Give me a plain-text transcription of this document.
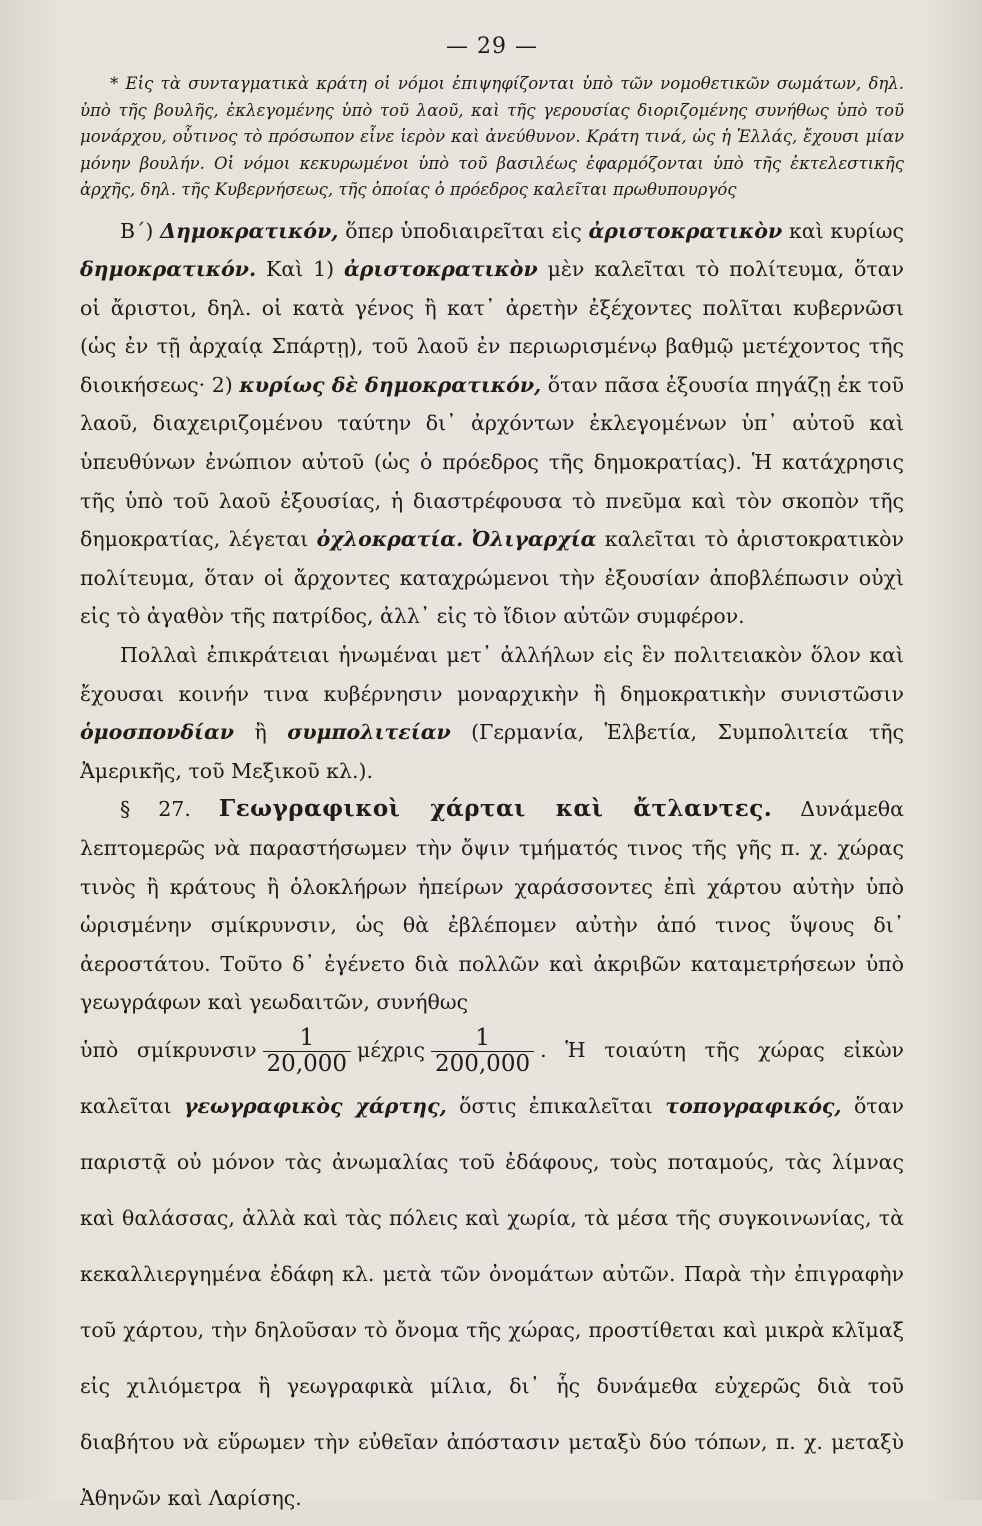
— 29 —

* Εἰς τὰ συνταγματικὰ κράτη οἱ νόμοι ἐπιψηφίζονται ὑπὸ τῶν νομοθετικῶν σωμάτων, δηλ. ὑπὸ τῆς βουλῆς, ἐκλεγομένης ὑπὸ τοῦ λαοῦ, καὶ τῆς γερουσίας διοριζομένης συνήθως ὑπὸ τοῦ μονάρχου, οὗτινος τὸ πρόσωπον εἶνε ἱερὸν καὶ ἀνεύθυνον. Κράτη τινά, ὡς ἡ Ἑλλάς, ἔχουσι μίαν μόνην βουλήν. Οἱ νόμοι κεκυρωμένοι ὑπὸ τοῦ βασιλέως ἐφαρμόζονται ὑπὸ τῆς ἐκτελεστικῆς ἀρχῆς, δηλ. τῆς Κυβερνήσεως, τῆς ὁποίας ὁ πρόεδρος καλεῖται πρωθυπουργός

Β΄) Δημοκρατικόν, ὅπερ ὑποδιαιρεῖται εἰς ἀριστοκρατικὸν καὶ κυρίως δημοκρατικόν. Καὶ 1) ἀριστοκρατικὸν μὲν καλεῖται τὸ πολίτευμα, ὅταν οἱ ἄριστοι, δηλ. οἱ κατὰ γένος ἢ κατ᾿ ἀρετὴν ἐξέχοντες πολῖται κυβερνῶσι (ὡς ἐν τῇ ἀρχαίᾳ Σπάρτῃ), τοῦ λαοῦ ἐν περιωρισμένῳ βαθμῷ μετέχοντος τῆς διοικήσεως· 2) κυρίως δὲ δημοκρατικόν, ὅταν πᾶσα ἐξουσία πηγάζῃ ἐκ τοῦ λαοῦ, διαχειριζομένου ταύτην δι᾿ ἀρχόντων ἐκλεγομένων ὑπ᾿ αὐτοῦ καὶ ὑπευθύνων ἐνώπιον αὐτοῦ (ὡς ὁ πρόεδρος τῆς δημοκρατίας). Ἡ κατάχρησις τῆς ὑπὸ τοῦ λαοῦ ἐξουσίας, ἡ διαστρέφουσα τὸ πνεῦμα καὶ τὸν σκοπὸν τῆς δημοκρατίας, λέγεται ὀχλοκρατία. Ὀλιγαρχία καλεῖται τὸ ἀριστοκρατικὸν πολίτευμα, ὅταν οἱ ἄρχοντες καταχρώμενοι τὴν ἐξουσίαν ἀποβλέπωσιν οὐχὶ εἰς τὸ ἀγαθὸν τῆς πατρίδος, ἀλλ᾿ εἰς τὸ ἴδιον αὐτῶν συμφέρον.

Πολλαὶ ἐπικράτειαι ἡνωμέναι μετ᾿ ἀλλήλων εἰς ἓν πολιτειακὸν ὅλον καὶ ἔχουσαι κοινήν τινα κυβέρνησιν μοναρχικὴν ἢ δημοκρατικὴν συνιστῶσιν ὁμοσπονδίαν ἢ συμπολιτείαν (Γερμανία, Ἑλβετία, Συμπολιτεία τῆς Ἀμερικῆς, τοῦ Μεξικοῦ κλ.).

§ 27. Γεωγραφικοὶ χάρται καὶ ἄτλαντες. Δυνάμεθα λεπτομερῶς νὰ παραστήσωμεν τὴν ὄψιν τμήματός τινος τῆς γῆς π. χ. χώρας τινὸς ἢ κράτους ἢ ὁλοκλήρων ἠπείρων χαράσσοντες ἐπὶ χάρτου αὐτὴν ὑπὸ ὡρισμένην σμίκρυνσιν, ὡς θὰ ἐβλέπομεν αὐτὴν ἀπό τινος ὕψους δι᾿ ἀεροστάτου. Τοῦτο δ᾿ ἐγένετο διὰ πολλῶν καὶ ἀκριβῶν καταμετρήσεων ὑπὸ γεωγράφων καὶ γεωδαιτῶν, συνήθως

ὑπὸ σμίκρυνσιν $\frac{1}{20,000}$ μέχρις $\frac{1}{200,000}$ . Ἡ τοιαύτη τῆς χώρας εἰκὼν καλεῖται γεωγραφικὸς χάρτης, ὅστις ἐπικαλεῖται τοπογραφικός, ὅταν παριστᾷ οὐ μόνον τὰς ἀνωμαλίας τοῦ ἐδάφους, τοὺς ποταμούς, τὰς λίμνας καὶ θαλάσσας, ἀλλὰ καὶ τὰς πόλεις καὶ χωρία, τὰ μέσα τῆς συγκοινωνίας, τὰ κεκαλλιεργημένα ἐδάφη κλ. μετὰ τῶν ὀνομάτων αὐτῶν. Παρὰ τὴν ἐπιγραφὴν τοῦ χάρτου, τὴν δηλοῦσαν τὸ ὄνομα τῆς χώρας, προστίθεται καὶ μικρὰ κλῖμαξ εἰς χιλιόμετρα ἢ γεωγραφικὰ μίλια, δι᾿ ἧς δυνάμεθα εὐχερῶς διὰ τοῦ διαβήτου νὰ εὕρωμεν τὴν εὐθεῖαν ἀπόστασιν μεταξὺ δύο τόπων, π. χ. μεταξὺ Ἀθηνῶν καὶ Λαρίσης.
